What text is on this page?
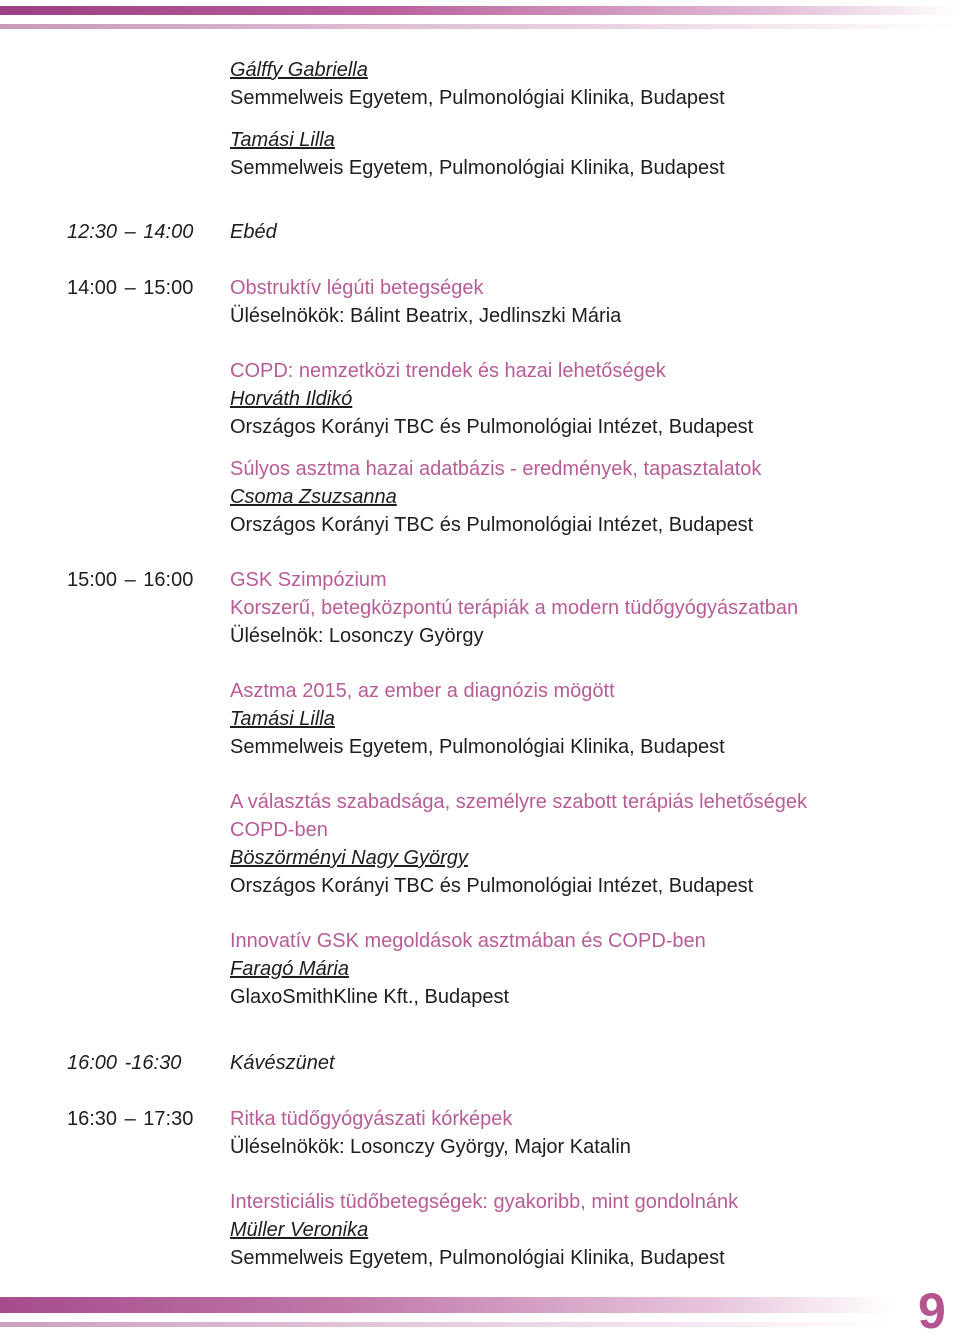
Gálffy Gabriella
Semmelweis Egyetem, Pulmonológiai Klinika, Budapest
Tamási Lilla
Semmelweis Egyetem, Pulmonológiai Klinika, Budapest
12:30 – 14:00 Ebéd
14:00 – 15:00 Obstruktív légúti betegségek
Üléselnökök: Bálint Beatrix, Jedlinszki Mária
COPD: nemzetközi trendek és hazai lehetőségek
Horváth Ildikó
Országos Korányi TBC és Pulmonológiai Intézet, Budapest
Súlyos asztma hazai adatbázis - eredmények, tapasztalatok
Csoma Zsuzsanna
Országos Korányi TBC és Pulmonológiai Intézet, Budapest
15:00 – 16:00 GSK Szimpózium
Korszerű, betegközpontú terápiák a modern tüdőgyógyászatban
Üléselnök: Losonczy György
Asztma 2015, az ember a diagnózis mögött
Tamási Lilla
Semmelweis Egyetem, Pulmonológiai Klinika, Budapest
A választás szabadsága, személyre szabott terápiás lehetőségek
COPD-ben
Böszörményi Nagy György
Országos Korányi TBC és Pulmonológiai Intézet, Budapest
Innovatív GSK megoldások asztmában és COPD-ben
Faragó Mária
GlaxoSmithKline Kft., Budapest
16:00 -16:30 Kávészünet
16:30 – 17:30 Ritka tüdőgyógyászati kórképek
Üléselnökök: Losonczy György, Major Katalin
Intersticiális tüdőbetegségek: gyakoribb, mint gondolnánk
Müller Veronika
Semmelweis Egyetem, Pulmonológiai Klinika, Budapest
9
